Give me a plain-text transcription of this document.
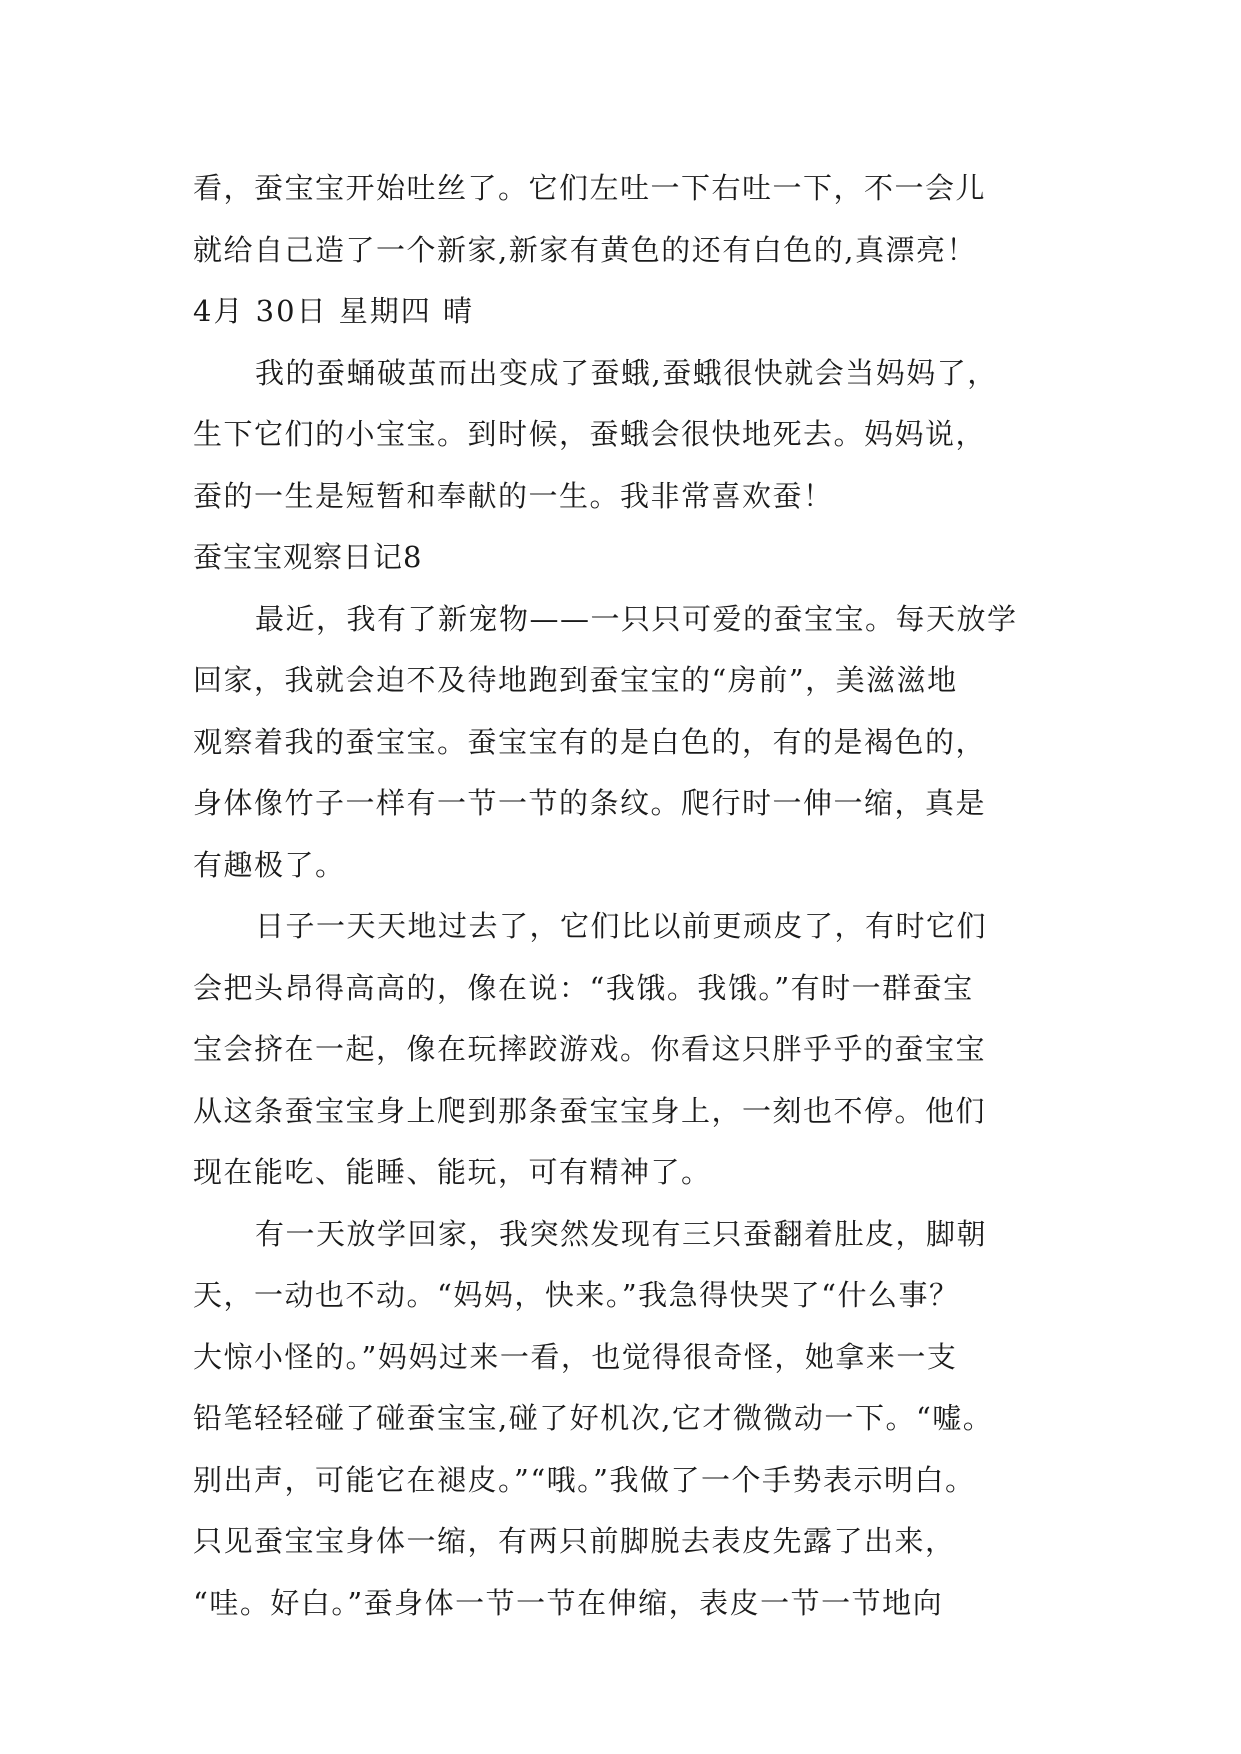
看，蚕宝宝开始吐丝了。它们左吐一下右吐一下，不一会儿
就给自己造了一个新家,新家有黄色的还有白色的,真漂亮！

4月 30日 星期四 晴

我的蚕蛹破茧而出变成了蚕蛾,蚕蛾很快就会当妈妈了，
生下它们的小宝宝。到时候，蚕蛾会很快地死去。妈妈说，
蚕的一生是短暂和奉献的一生。我非常喜欢蚕！

蚕宝宝观察日记8

最近，我有了新宠物——一只只可爱的蚕宝宝。每天放学
回家，我就会迫不及待地跑到蚕宝宝的“房前”，美滋滋地
观察着我的蚕宝宝。蚕宝宝有的是白色的，有的是褐色的，
身体像竹子一样有一节一节的条纹。爬行时一伸一缩，真是
有趣极了。

日子一天天地过去了，它们比以前更顽皮了，有时它们
会把头昂得高高的，像在说：“我饿。我饿。”有时一群蚕宝
宝会挤在一起，像在玩摔跤游戏。你看这只胖乎乎的蚕宝宝
从这条蚕宝宝身上爬到那条蚕宝宝身上，一刻也不停。他们
现在能吃、能睡、能玩，可有精神了。

有一天放学回家，我突然发现有三只蚕翻着肚皮，脚朝
天，一动也不动。“妈妈，快来。”我急得快哭了“什么事？
大惊小怪的。”妈妈过来一看，也觉得很奇怪，她拿来一支
铅笔轻轻碰了碰蚕宝宝,碰了好机次,它才微微动一下。“嘘。
别出声，可能它在褪皮。”“哦。”我做了一个手势表示明白。
只见蚕宝宝身体一缩，有两只前脚脱去表皮先露了出来，
“哇。好白。”蚕身体一节一节在伸缩，表皮一节一节地向
